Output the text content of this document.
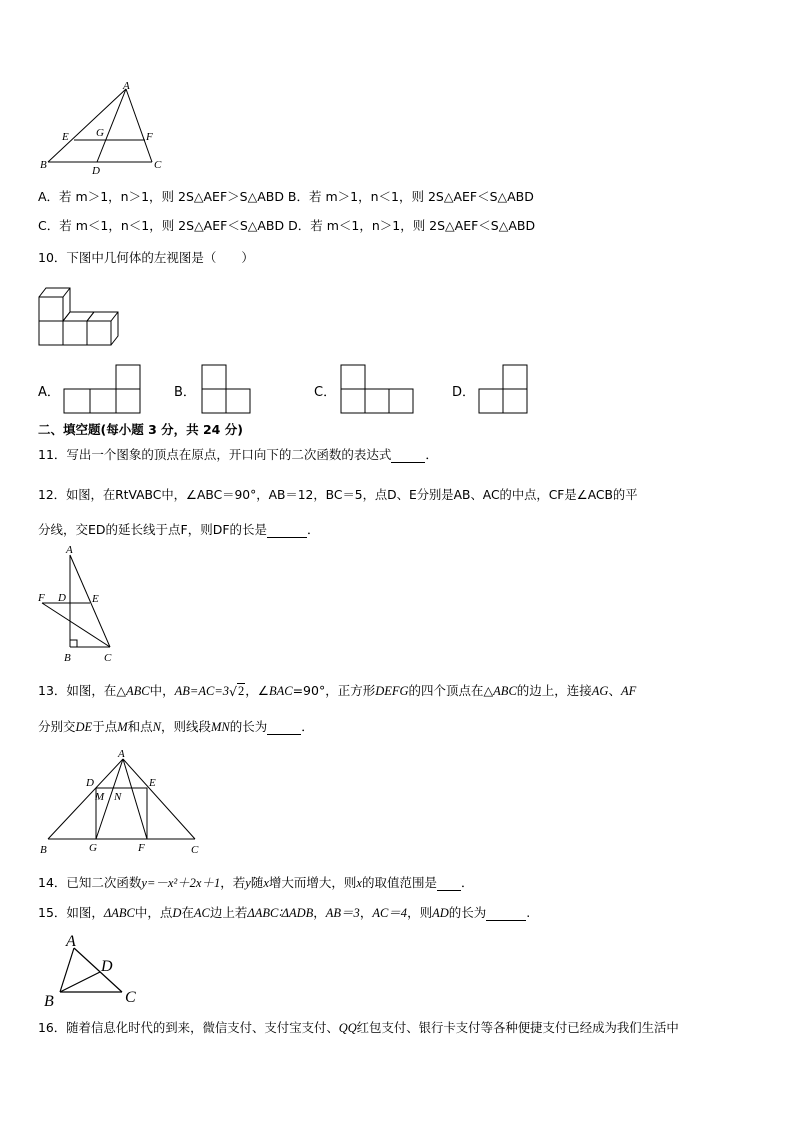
A
E G	F
B	D	C
A．若 m＞1，n＞1，则 2S△AEF＞S△ABD B．若 m＞1，n＜1，则 2S△AEF＜S△ABD
C．若 m＜1，n＜1，则 2S△AEF＜S△ABD D．若 m＜1，n＞1，则 2S△AEF＜S△ABD
10．下图中几何体的左视图是（　　）
A．	B．	C．	D．
二、填空题(每小题 3 分，共 24 分)
11．写出一个图象的顶点在原点，开口向下的二次函数的表达式	．
12．如图，在RtVABC中，∠ABC＝90°，AB＝12，BC＝5，点D、E分别是AB、AC的中点，CF是∠ACB的平
分线，交ED的延长线于点F，则DF的长是	．
A
F D E
B	C
13．如图，在△ABC中，AB=AC=3√2，∠BAC=90°，正方形DEFG的四个顶点在△ABC的边上，连接AG、AF
分别交DE于点M和点N，则线段MN的长为	．
A
D	E
M N
B	G	F	C
14．已知二次函数y=－x²＋2x＋1，若y随x增大而增大，则x的取值范围是 ．
15．如图，ΔABC中，点D在AC边上若ΔABC∶ΔADB，AB＝3，AC＝4，则AD的长为	.
A
D
B	C
16．随着信息化时代的到来，微信支付、支付宝支付、QQ红包支付、银行卡支付等各种便捷支付已经成为我们生活中
